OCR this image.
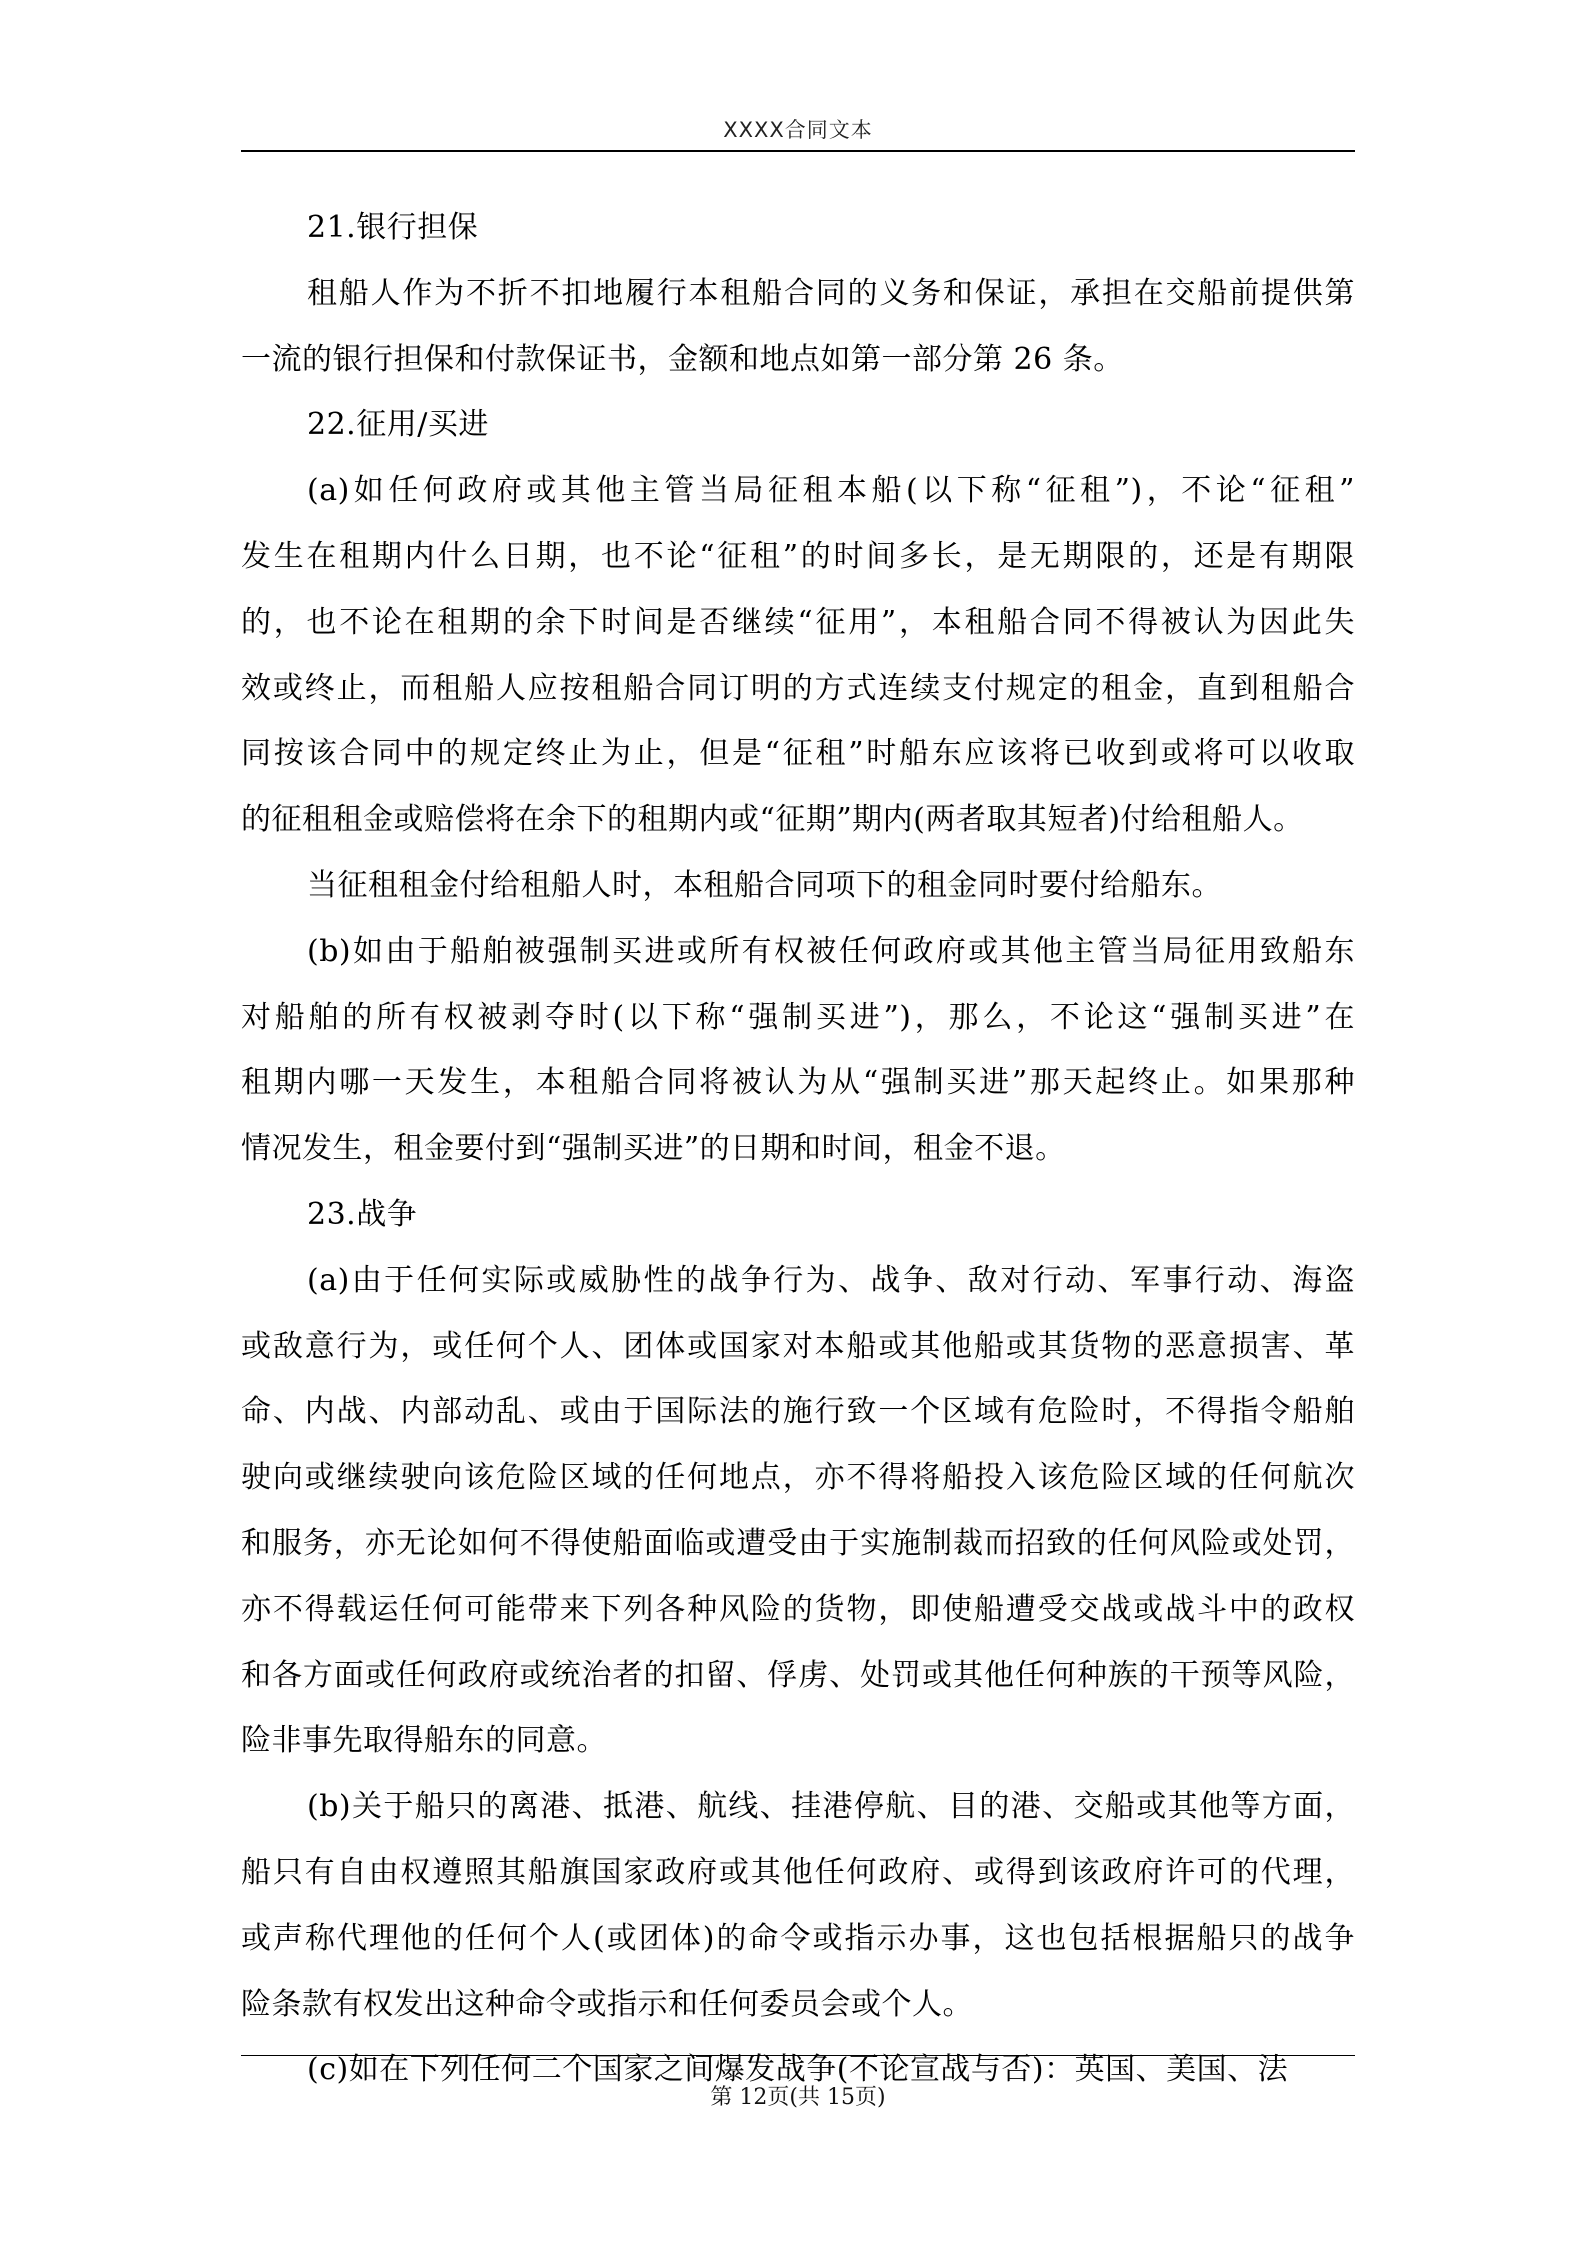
XXXX合同文本

21.银行担保

租船人作为不折不扣地履行本租船合同的义务和保证，承担在交船前提供第
一流的银行担保和付款保证书，金额和地点如第一部分第 26 条。

22.征用/买进

(a)如任何政府或其他主管当局征租本船(以下称“征租”)，不论“征租”
发生在租期内什么日期，也不论“征租”的时间多长，是无期限的，还是有期限
的，也不论在租期的余下时间是否继续“征用”，本租船合同不得被认为因此失
效或终止，而租船人应按租船合同订明的方式连续支付规定的租金，直到租船合
同按该合同中的规定终止为止，但是“征租”时船东应该将已收到或将可以收取
的征租租金或赔偿将在余下的租期内或“征期”期内(两者取其短者)付给租船人。

当征租租金付给租船人时，本租船合同项下的租金同时要付给船东。

(b)如由于船舶被强制买进或所有权被任何政府或其他主管当局征用致船东
对船舶的所有权被剥夺时(以下称“强制买进”)，那么，不论这“强制买进”在
租期内哪一天发生，本租船合同将被认为从“强制买进”那天起终止。如果那种
情况发生，租金要付到“强制买进”的日期和时间，租金不退。

23.战争

(a)由于任何实际或威胁性的战争行为、战争、敌对行动、军事行动、海盗
或敌意行为，或任何个人、团体或国家对本船或其他船或其货物的恶意损害、革
命、内战、内部动乱、或由于国际法的施行致一个区域有危险时，不得指令船舶
驶向或继续驶向该危险区域的任何地点，亦不得将船投入该危险区域的任何航次
和服务，亦无论如何不得使船面临或遭受由于实施制裁而招致的任何风险或处罚，
亦不得载运任何可能带来下列各种风险的货物，即使船遭受交战或战斗中的政权
和各方面或任何政府或统治者的扣留、俘虏、处罚或其他任何种族的干预等风险，
险非事先取得船东的同意。

(b)关于船只的离港、抵港、航线、挂港停航、目的港、交船或其他等方面，
船只有自由权遵照其船旗国家政府或其他任何政府、或得到该政府许可的代理，
或声称代理他的任何个人(或团体)的命令或指示办事，这也包括根据船只的战争
险条款有权发出这种命令或指示和任何委员会或个人。

(c)如在下列任何二个国家之间爆发战争(不论宣战与否)：英国、美国、法

第 12页(共 15页)
